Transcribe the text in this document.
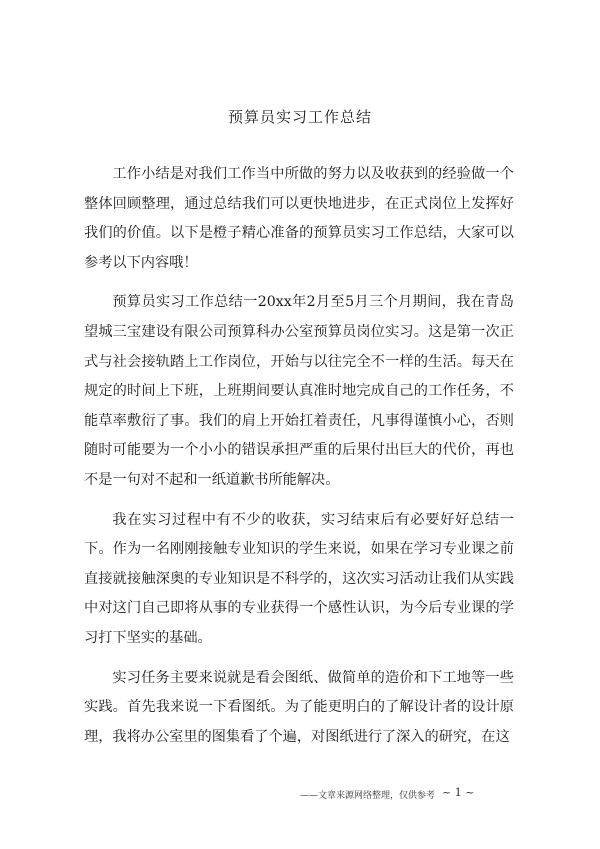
预算员实习工作总结

工作小结是对我们工作当中所做的努力以及收获到的经验做一个整体回顾整理，通过总结我们可以更快地进步，在正式岗位上发挥好我们的价值。以下是橙子精心准备的预算员实习工作总结，大家可以参考以下内容哦！

预算员实习工作总结一20xx年2月至5月三个月期间，我在青岛望城三宝建设有限公司预算科办公室预算员岗位实习。这是第一次正式与社会接轨踏上工作岗位，开始与以往完全不一样的生活。每天在规定的时间上下班，上班期间要认真准时地完成自己的工作任务，不能草率敷衍了事。我们的肩上开始扛着责任，凡事得谨慎小心，否则随时可能要为一个小小的错误承担严重的后果付出巨大的代价，再也不是一句对不起和一纸道歉书所能解决。

我在实习过程中有不少的收获，实习结束后有必要好好总结一下。作为一名刚刚接触专业知识的学生来说，如果在学习专业课之前直接就接触深奥的专业知识是不科学的，这次实习活动让我们从实践中对这门自己即将从事的专业获得一个感性认识，为今后专业课的学习打下坚实的基础。

实习任务主要来说就是看会图纸、做简单的造价和下工地等一些实践。首先我来说一下看图纸。为了能更明白的了解设计者的设计原理，我将办公室里的图集看了个遍，对图纸进行了深入的研究，在这

——文章来源网络整理，仅供参考 ~ 1 ~
